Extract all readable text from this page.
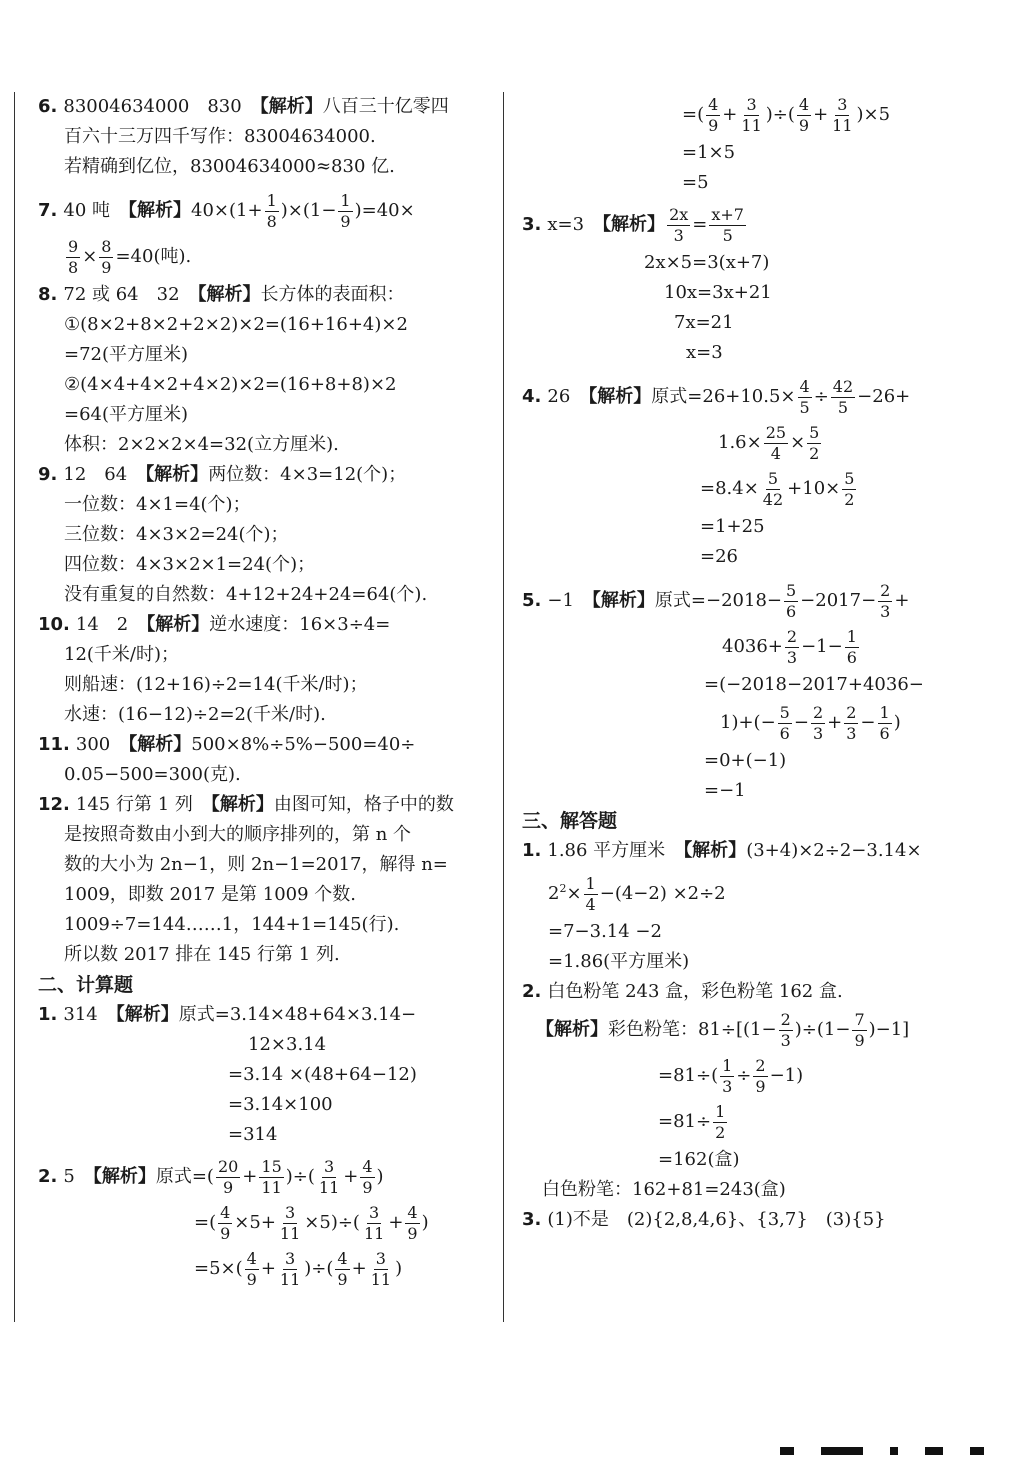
6. 83004634000　830　【解析】八百三十亿零四
百六十三万四千写作：83004634000.
若精确到亿位，83004634000≈830 亿.
7. 40 吨　【解析】$40\times(1+ \frac{1}{8} )\times(1- \frac{1}{9} )=40\times$
$\frac{9}{8} \times \frac{8}{9} =40$(吨).
8. 72 或 64　32　【解析】长方体的表面积：
①(8×2+8×2+2×2)×2=(16+16+4)×2
=72(平方厘米)
②(4×4+4×2+4×2)×2=(16+8+8)×2
=64(平方厘米)
体积：2×2×2×4=32(立方厘米).
9. 12　64　【解析】两位数：4×3=12(个)；
一位数：4×1=4(个)；
三位数：4×3×2=24(个)；
四位数：4×3×2×1=24(个)；
没有重复的自然数：4+12+24+24=64(个).
10. 14　2　【解析】逆水速度：16×3÷4=
12(千米/时)；
则船速：(12+16)÷2=14(千米/时)；
水速：(16−12)÷2=2(千米/时).
11. 300　【解析】500×8%÷5%−500=40÷
0.05−500=300(克).
12. 145 行第 1 列　【解析】由图可知，格子中的数
是按照奇数由小到大的顺序排列的，第 n 个
数的大小为 2n−1，则 2n−1=2017，解得 n=
1009，即数 2017 是第 1009 个数.
1009÷7=144……1，144+1=145(行).
所以数 2017 排在 145 行第 1 列.
二、计算题
1. 314　【解析】原式=3.14×48+64×3.14−
12×3.14
=3.14 ×(48+64−12)
=3.14×100
=314
2. 5　【解析】原式=( $\frac{20}{9} + \frac{15}{11}$ )÷( $\frac{3}{11} + \frac{4}{9}$ )
=( $\frac{4}{9} \times 5+ \frac{3}{11} \times 5)\div( \frac{3}{11} + \frac{4}{9}$ )
$=5\times( \frac{4}{9} + \frac{3}{11}$ )÷( $\frac{4}{9} + \frac{3}{11}$ )
=( $\frac{4}{9} + \frac{3}{11}$ )÷( $\frac{4}{9} + \frac{3}{11} )\times 5$
=1×5
=5
3. x=3　【解析】 $\frac{2x}{3} = \frac{x+7}{5}$
2x×5=3(x+7)
10x=3x+21
7x=21
x=3
4. 26　【解析】原式$=26+10.5\times \frac{4}{5} \div \frac{42}{5} -26+$
$1.6\times \frac{25}{4} \times \frac{5}{2}$
$=8.4\times \frac{5}{42} +10\times \frac{5}{2}$
=1+25
=26
5. −1　【解析】原式$=-2018- \frac{5}{6} -2017- \frac{2}{3}$ +
$4036+ \frac{2}{3} -1- \frac{1}{6}$
=(−2018−2017+4036−
$1)+(- \frac{5}{6} - \frac{2}{3} + \frac{2}{3} - \frac{1}{6}$ )
=0+(−1)
=−1
三、解答题
1. 1.86 平方厘米　【解析】(3+4)×2÷2−3.14×
$2^2\times \frac{1}{4} -(4-2) \times 2\div 2$
=7−3.14 −2
=1.86(平方厘米)
2. 白色粉笔 243 盒，彩色粉笔 162 盒.
【解析】彩色粉笔：$81\div[(1- \frac{2}{3} )\div(1- \frac{7}{9} )-1]$
$=81\div( \frac{1}{3} \div \frac{2}{9} -1)$
$=81\div \frac{1}{2}$
=162(盒)
白色粉笔：162+81=243(盒)
3. (1)不是　(2){2,8,4,6}、{3,7}　(3){5}
